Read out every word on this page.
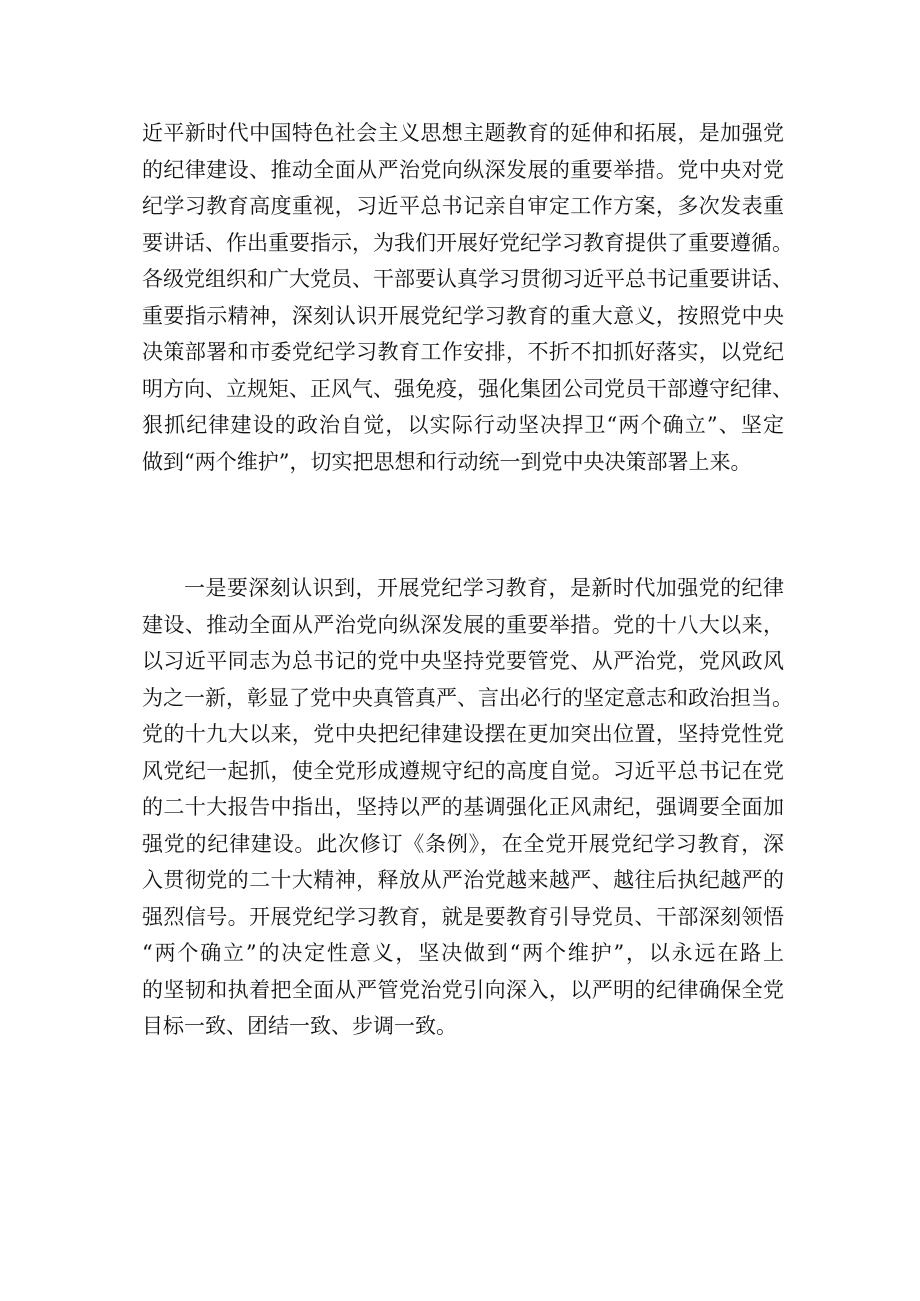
近平新时代中国特色社会主义思想主题教育的延伸和拓展，是加强党
的纪律建设、推动全面从严治党向纵深发展的重要举措。党中央对党
纪学习教育高度重视，习近平总书记亲自审定工作方案，多次发表重
要讲话、作出重要指示，为我们开展好党纪学习教育提供了重要遵循。
各级党组织和广大党员、干部要认真学习贯彻习近平总书记重要讲话、
重要指示精神，深刻认识开展党纪学习教育的重大意义，按照党中央
决策部署和市委党纪学习教育工作安排，不折不扣抓好落实，以党纪
明方向、立规矩、正风气、强免疫，强化集团公司党员干部遵守纪律、
狠抓纪律建设的政治自觉，以实际行动坚决捍卫“两个确立”、坚定
做到“两个维护”，切实把思想和行动统一到党中央决策部署上来。
一是要深刻认识到，开展党纪学习教育，是新时代加强党的纪律
建设、推动全面从严治党向纵深发展的重要举措。党的十八大以来，
以习近平同志为总书记的党中央坚持党要管党、从严治党，党风政风
为之一新，彰显了党中央真管真严、言出必行的坚定意志和政治担当。
党的十九大以来，党中央把纪律建设摆在更加突出位置，坚持党性党
风党纪一起抓，使全党形成遵规守纪的高度自觉。习近平总书记在党
的二十大报告中指出，坚持以严的基调强化正风肃纪，强调要全面加
强党的纪律建设。此次修订《条例》，在全党开展党纪学习教育，深
入贯彻党的二十大精神，释放从严治党越来越严、越往后执纪越严的
强烈信号。开展党纪学习教育，就是要教育引导党员、干部深刻领悟
“两个确立”的决定性意义，坚决做到“两个维护”，以永远在路上
的坚韧和执着把全面从严管党治党引向深入，以严明的纪律确保全党
目标一致、团结一致、步调一致。
